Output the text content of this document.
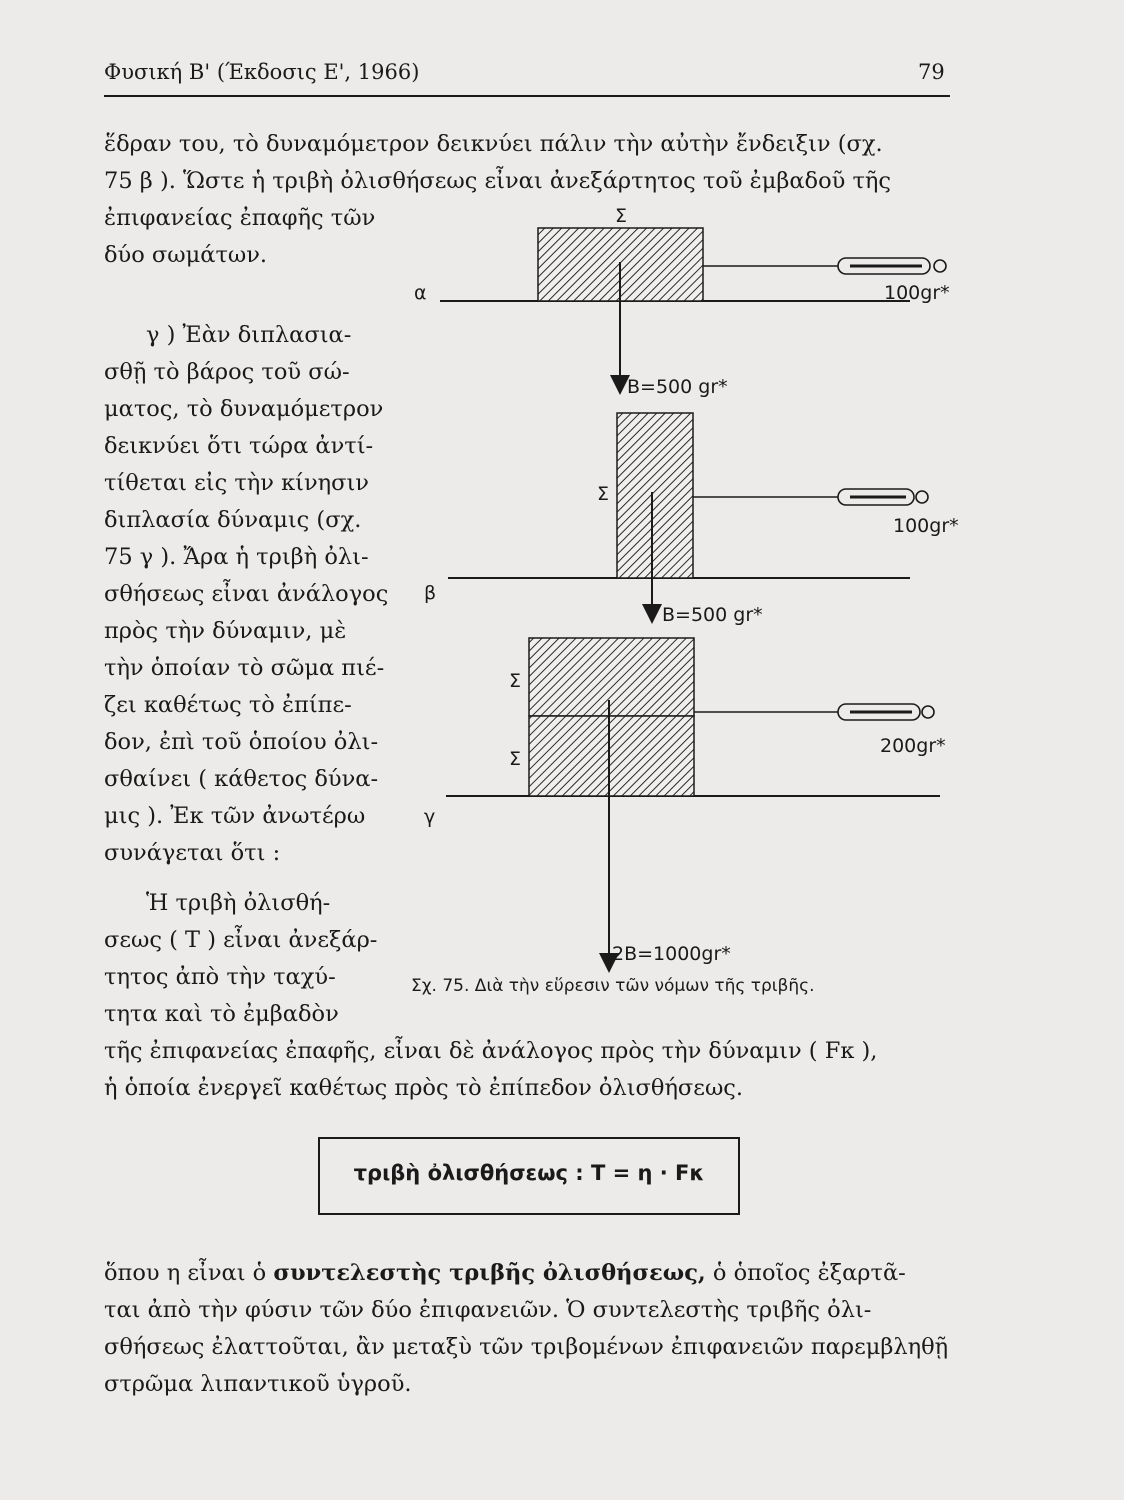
Φυσική Β' (Έκδοσις Ε', 1966)	79
ἕδραν του, τὸ δυναμόμετρον δεικνύει πάλιν τὴν αὐτὴν ἔνδειξιν (σχ.
75 β ). Ὥστε ἡ τριβὴ ὀλισθήσεως εἶναι ἀνεξάρτητος τοῦ ἐμβαδοῦ τῆς
ἐπιφανείας ἐπαφῆς τῶν
δύο σωμάτων.
γ ) Ἐὰν διπλασια-
σθῇ τὸ βάρος τοῦ σώ-
ματος, τὸ δυναμόμετρον
δεικνύει ὅτι τώρα ἀντί-
τίθεται εἰς τὴν κίνησιν
διπλασία δύναμις (σχ.
75 γ ). Ἄρα ἡ τριβὴ ὀλι-
σθήσεως εἶναι ἀνάλογος
πρὸς τὴν δύναμιν, μὲ
τὴν ὁποίαν τὸ σῶμα πιέ-
ζει καθέτως τὸ ἐπίπε-
δον, ἐπὶ τοῦ ὁποίου ὀλι-
σθαίνει ( κάθετος δύνα-
μις ). Ἐκ τῶν ἀνωτέρω
συνάγεται ὅτι :
Ἡ τριβὴ ὀλισθή-
σεως ( Τ ) εἶναι ἀνεξάρ-
τητος ἀπὸ τὴν ταχύ-
τητα καὶ τὸ ἐμβαδὸν
τῆς ἐπιφανείας ἐπαφῆς, εἶναι δὲ ἀνάλογος πρὸς τὴν δύναμιν ( Fκ ),
ἡ ὁποία ἐνεργεῖ καθέτως πρὸς τὸ ἐπίπεδον ὀλισθήσεως.
τριβὴ ὀλισθήσεως : Τ = η · Fκ
ὅπου η εἶναι ὁ συντελεστὴς τριβῆς ὀλισθήσεως, ὁ ὁποῖος ἐξαρτᾶ-
ται ἀπὸ τὴν φύσιν τῶν δύο ἐπιφανειῶν. Ὁ συντελεστὴς τριβῆς ὀλι-
σθήσεως ἐλαττοῦται, ἂν μεταξὺ τῶν τριβομένων ἐπιφανειῶν παρεμβληθῇ
στρῶμα λιπαντικοῦ ὑγροῦ.
α
Σ
Β=500 gr*
100gr*
β
Σ
Β=500 gr*
100gr*
γ
Σ
Σ
2Β=1000gr*
200gr*
Σχ. 75. Διὰ τὴν εὕρεσιν τῶν νόμων τῆς τριβῆς.
